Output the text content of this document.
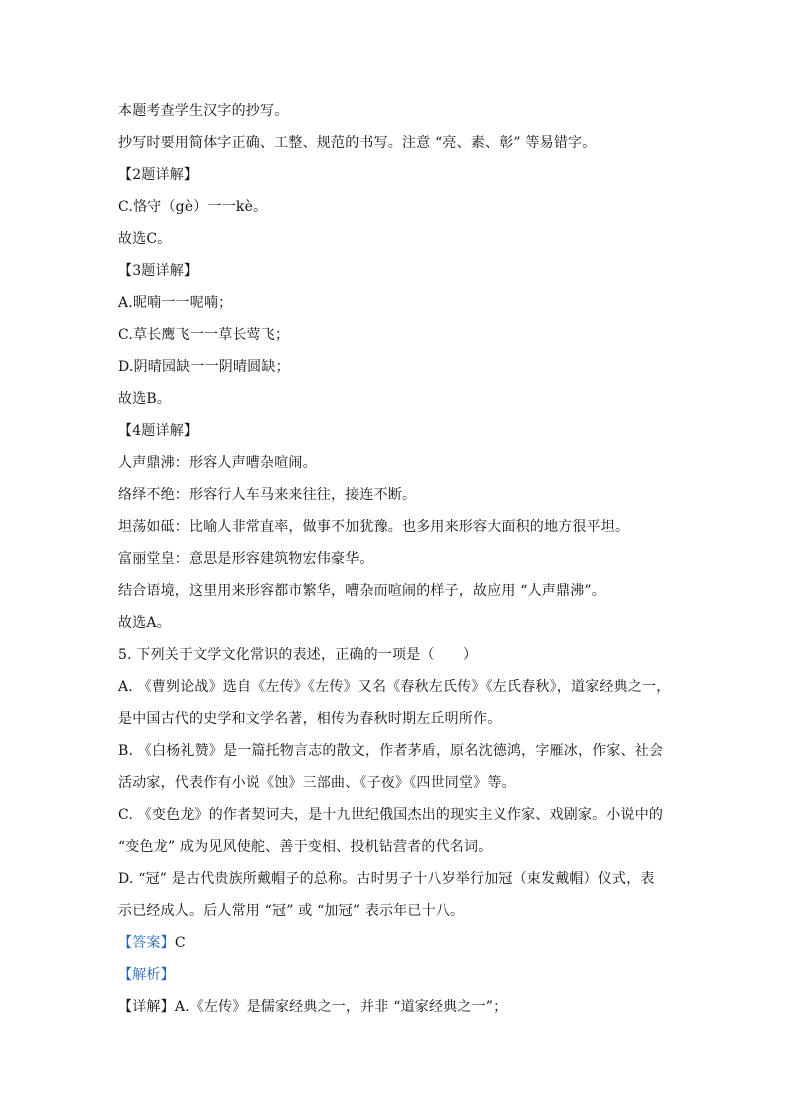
本题考查学生汉字的抄写。
抄写时要用简体字正确、工整、规范的书写。注意 “亮、素、彰” 等易错字。
【2题详解】
C.恪守（gè）一一kè。
故选C。
【3题详解】
A.昵喃一一呢喃；
C.草长鹰飞一一草长莺飞；
D.阴晴园缺一一阴晴圆缺；
故选B。
【4题详解】
人声鼎沸：形容人声嘈杂喧闹。
络绎不绝：形容行人车马来来往往，接连不断。
坦荡如砥：比喻人非常直率，做事不加犹豫。也多用来形容大面积的地方很平坦。
富丽堂皇：意思是形容建筑物宏伟豪华。
结合语境，这里用来形容都市繁华，嘈杂而喧闹的样子，故应用 “人声鼎沸”。
故选A。
5. 下列关于文学文化常识的表述，正确的一项是（　　）
A. 《曹刿论战》选自《左传》《左传》又名《春秋左氏传》《左氏春秋》，道家经典之一，
是中国古代的史学和文学名著，相传为春秋时期左丘明所作。
B. 《白杨礼赞》是一篇托物言志的散文，作者茅盾，原名沈德鸿，字雁冰，作家、社会
活动家，代表作有小说《蚀》三部曲、《子夜》《四世同堂》等。
C. 《变色龙》的作者契诃夫，是十九世纪俄国杰出的现实主义作家、戏剧家。小说中的
“变色龙” 成为见风使舵、善于变相、投机钻营者的代名词。
D. “冠” 是古代贵族所戴帽子的总称。古时男子十八岁举行加冠（束发戴帽）仪式，表
示已经成人。后人常用 “冠” 或 “加冠” 表示年已十八。
【答案】C
【解析】
【详解】A.《左传》是儒家经典之一，并非 “道家经典之一”；
